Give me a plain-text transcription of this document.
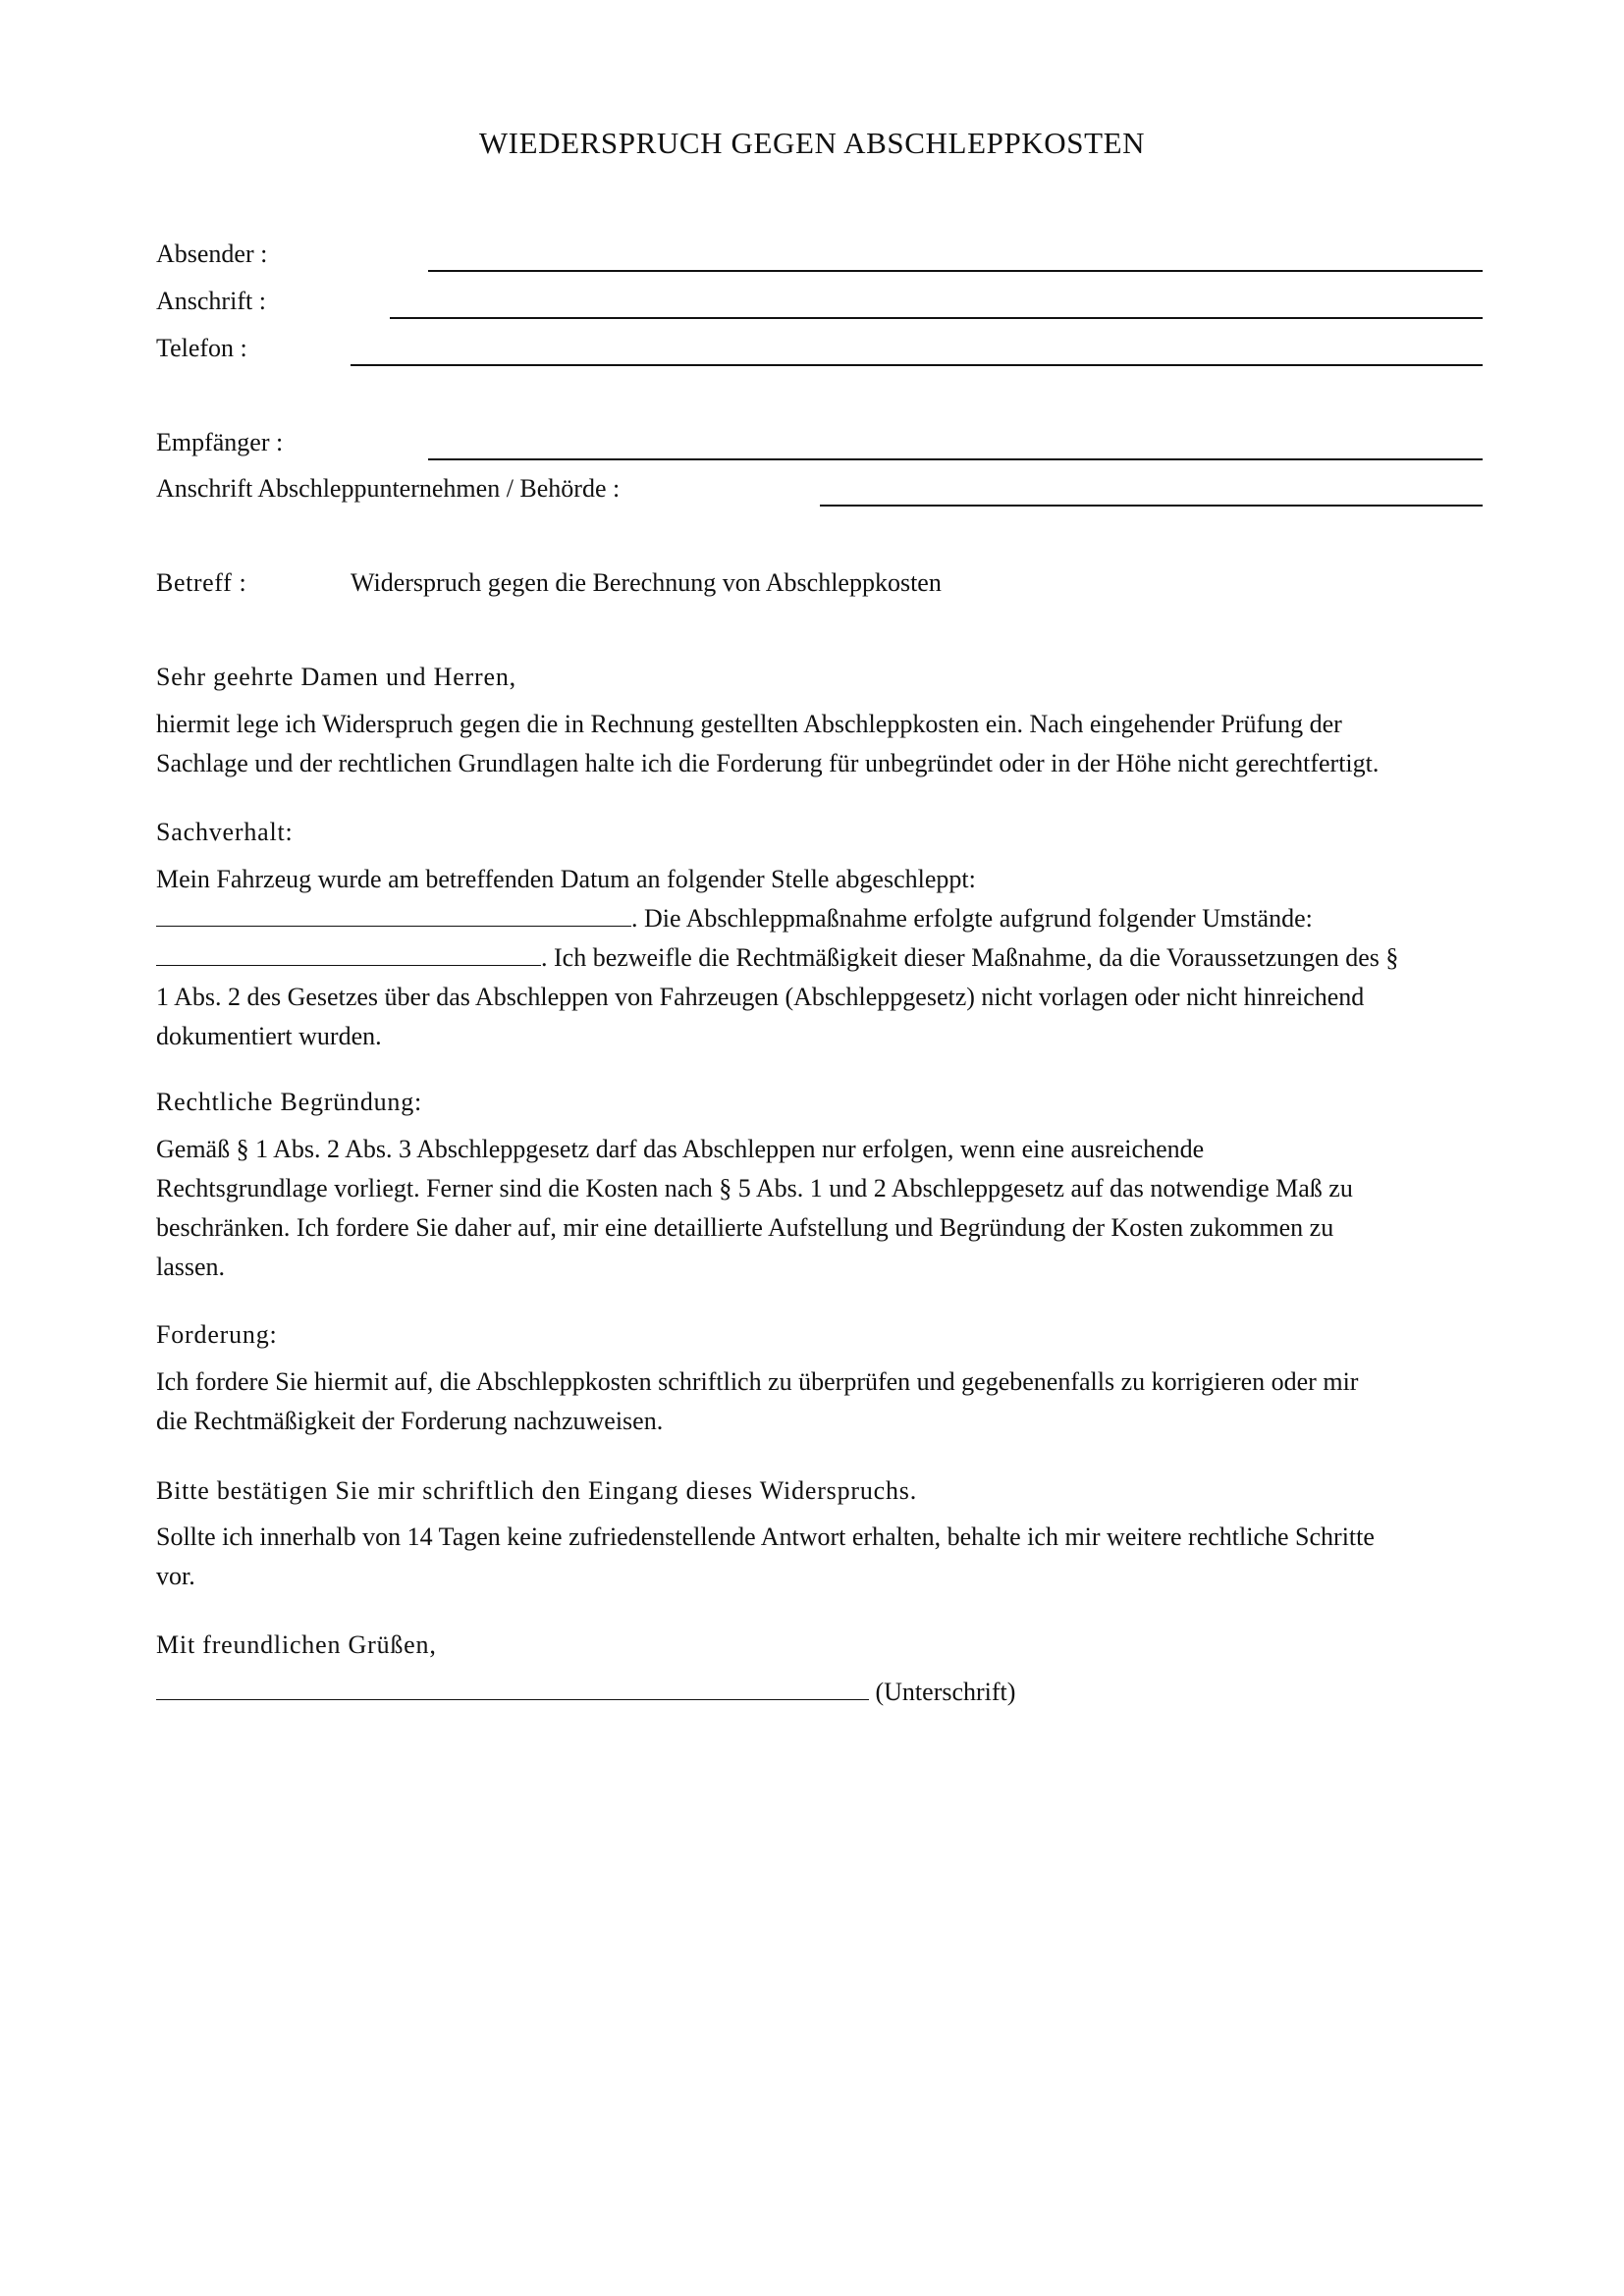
WIEDERSPRUCH GEGEN ABSCHLEPPKOSTEN
Absender :
Anschrift :
Telefon :
Empfänger :
Anschrift Abschleppunternehmen / Behörde :
Betreff :	Widerspruch gegen die Berechnung von Abschleppkosten
Sehr geehrte Damen und Herren,
hiermit lege ich Widerspruch gegen die in Rechnung gestellten Abschleppkosten ein. Nach eingehender Prüfung der
Sachlage und der rechtlichen Grundlagen halte ich die Forderung für unbegründet oder in der Höhe nicht gerechtfertigt.
Sachverhalt:
Mein Fahrzeug wurde am betreffenden Datum an folgender Stelle abgeschleppt:
. Die Abschleppmaßnahme erfolgte aufgrund folgender Umstände:
. Ich bezweifle die Rechtmäßigkeit dieser Maßnahme, da die Voraussetzungen des §
1 Abs. 2 des Gesetzes über das Abschleppen von Fahrzeugen (Abschleppgesetz) nicht vorlagen oder nicht hinreichend
dokumentiert wurden.
Rechtliche Begründung:
Gemäß § 1 Abs. 2 Abs. 3 Abschleppgesetz darf das Abschleppen nur erfolgen, wenn eine ausreichende
Rechtsgrundlage vorliegt. Ferner sind die Kosten nach § 5 Abs. 1 und 2 Abschleppgesetz auf das notwendige Maß zu
beschränken. Ich fordere Sie daher auf, mir eine detaillierte Aufstellung und Begründung der Kosten zukommen zu
lassen.
Forderung:
Ich fordere Sie hiermit auf, die Abschleppkosten schriftlich zu überprüfen und gegebenenfalls zu korrigieren oder mir
die Rechtmäßigkeit der Forderung nachzuweisen.
Bitte bestätigen Sie mir schriftlich den Eingang dieses Widerspruchs.
Sollte ich innerhalb von 14 Tagen keine zufriedenstellende Antwort erhalten, behalte ich mir weitere rechtliche Schritte
vor.
Mit freundlichen Grüßen,
(Unterschrift)
